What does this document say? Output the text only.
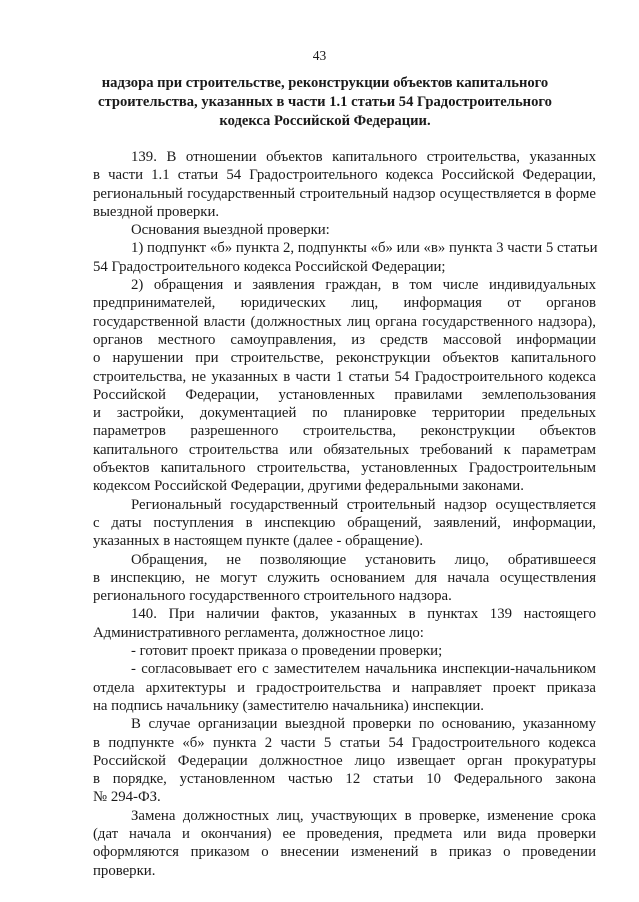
43
надзора при строительстве, реконструкции объектов капитального
строительства, указанных в части 1.1 статьи 54 Градостроительного
кодекса Российской Федерации.
139. В отношении объектов капитального строительства, указанных
в части 1.1 статьи 54 Градостроительного кодекса Российской Федерации,
региональный государственный строительный надзор осуществляется в форме
выездной проверки.
Основания выездной проверки:
1) подпункт «б» пункта 2, подпункты «б» или «в» пункта 3 части 5 статьи
54 Градостроительного кодекса Российской Федерации;
2) обращения и заявления граждан, в том числе индивидуальных
предпринимателей, юридических лиц, информация от органов
государственной власти (должностных лиц органа государственного надзора),
органов местного самоуправления, из средств массовой информации
о нарушении при строительстве, реконструкции объектов капитального
строительства, не указанных в части 1 статьи 54 Градостроительного кодекса
Российской Федерации, установленных правилами землепользования
и застройки, документацией по планировке территории предельных
параметров разрешенного строительства, реконструкции объектов
капитального строительства или обязательных требований к параметрам
объектов капитального строительства, установленных Градостроительным
кодексом Российской Федерации, другими федеральными законами.
Региональный государственный строительный надзор осуществляется
с даты поступления в инспекцию обращений, заявлений, информации,
указанных в настоящем пункте (далее - обращение).
Обращения, не позволяющие установить лицо, обратившееся
в инспекцию, не могут служить основанием для начала осуществления
регионального государственного строительного надзора.
140. При наличии фактов, указанных в пунктах 139 настоящего
Административного регламента, должностное лицо:
- готовит проект приказа о проведении проверки;
- согласовывает его с заместителем начальника инспекции-начальником
отдела архитектуры и градостроительства и направляет проект приказа
на подпись начальнику (заместителю начальника) инспекции.
В случае организации выездной проверки по основанию, указанному
в подпункте «б» пункта 2 части 5 статьи 54 Градостроительного кодекса
Российской Федерации должностное лицо извещает орган прокуратуры
в порядке, установленном частью 12 статьи 10 Федерального закона
№ 294-ФЗ.
Замена должностных лиц, участвующих в проверке, изменение срока
(дат начала и окончания) ее проведения, предмета или вида проверки
оформляются приказом о внесении изменений в приказ о проведении
проверки.
